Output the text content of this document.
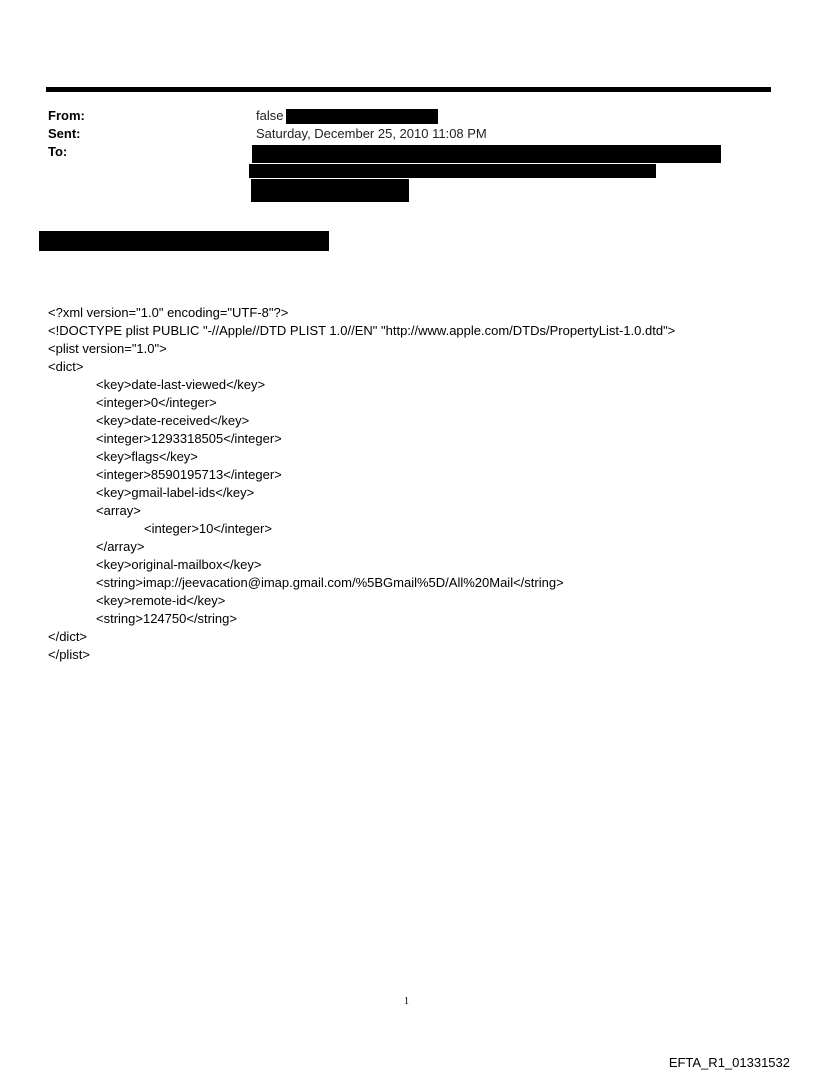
From:	false
Sent:	Saturday, December 25, 2010 11:08 PM
To:
<?xml version="1.0" encoding="UTF-8"?>
<!DOCTYPE plist PUBLIC "-//Apple//DTD PLIST 1.0//EN" "http://www.apple.com/DTDs/PropertyList-1.0.dtd">
<plist version="1.0">
<dict>
<key>date-last-viewed</key>
<integer>0</integer>
<key>date-received</key>
<integer>1293318505</integer>
<key>flags</key>
<integer>8590195713</integer>
<key>gmail-label-ids</key>
<array>
<integer>10</integer>
</array>
<key>original-mailbox</key>
<string>imap://jeevacation@imap.gmail.com/%5BGmail%5D/All%20Mail</string>
<key>remote-id</key>
<string>124750</string>
</dict>
</plist>
1
EFTA_R1_01331532
